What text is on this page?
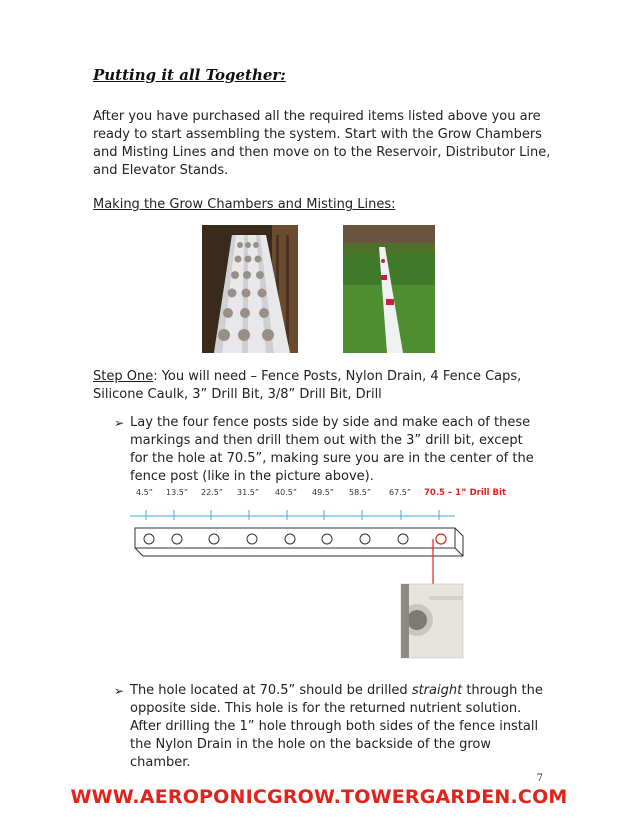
Putting it all Together:
After you have purchased all the required items listed above you are ready to start assembling the system. Start with the Grow Chambers and Misting Lines and then move on to the Reservoir, Distributor Line, and Elevator Stands.
Making the Grow Chambers and Misting Lines:
Step One: You will need – Fence Posts, Nylon Drain, 4 Fence Caps, Silicone Caulk, 3” Drill Bit, 3/8” Drill Bit, Drill
➢ Lay the four fence posts side by side and make each of these markings and then drill them out with the 3” drill bit, except for the hole at 70.5”, making sure you are in the center of the fence post (like in the picture above).
4.5” 13.5” 22.5” 31.5” 40.5” 49.5” 58.5” 67.5” 70.5 – 1” Drill Bit
➢ The hole located at 70.5” should be drilled straight through the opposite side. This hole is for the returned nutrient solution. After drilling the 1” hole through both sides of the fence install the Nylon Drain in the hole on the backside of the grow chamber.
7
WWW.AEROPONICGROW.TOWERGARDEN.COM
